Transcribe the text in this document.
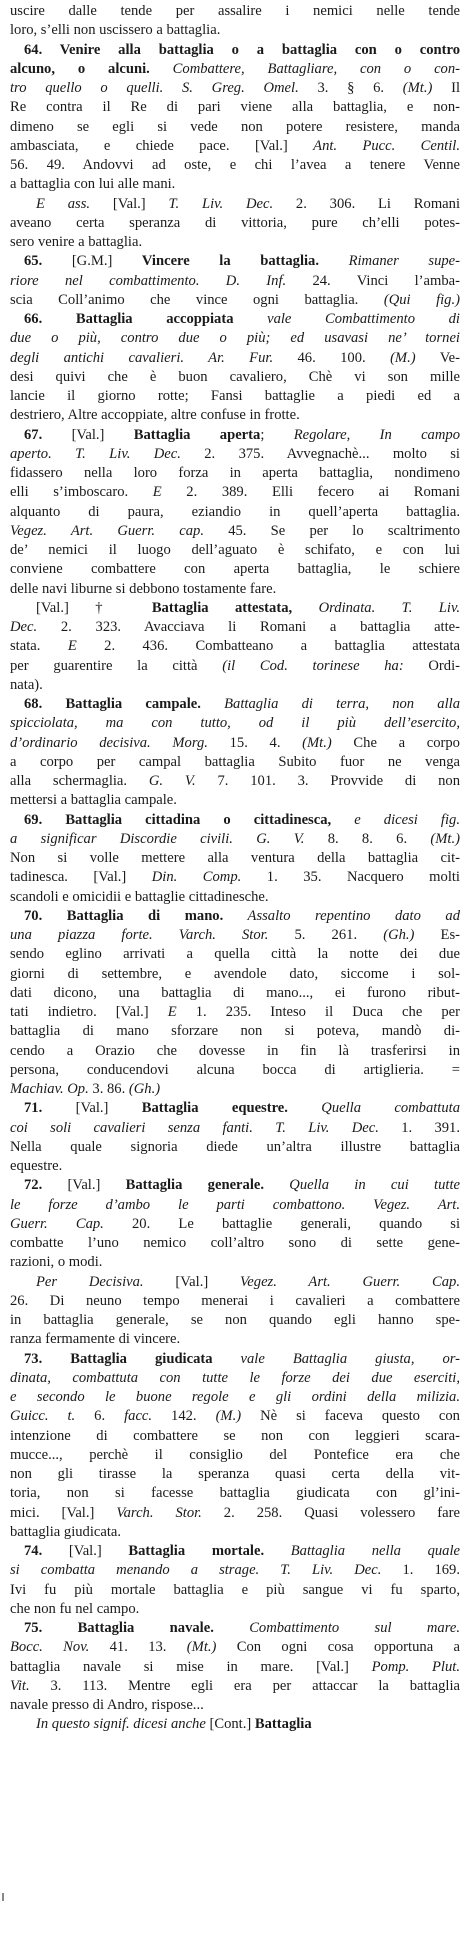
uscire dalle tende per assalire i nemici nelle tende
loro, s’elli non uscissero a battaglia.
64. Venire alla battaglia o a battaglia con o contro
alcuno, o alcuni. Combattere, Battagliare, con o con-
tro quello o quelli. S. Greg. Omel. 3. § 6. (Mt.) Il
Re contra il Re di pari viene alla battaglia, e non-
dimeno se egli si vede non potere resistere, manda
ambasciata, e chiede pace. [Val.] Ant. Pucc. Centil.
56. 49. Andovvi ad oste, e chi l’avea a tenere Venne
a battaglia con lui alle mani.
E ass. [Val.] T. Liv. Dec. 2. 306. Li Romani
aveano certa speranza di vittoria, pure ch’elli potes-
sero venire a battaglia.
65. [G.M.] Vincere la battaglia. Rimaner supe-
riore nel combattimento. D. Inf. 24. Vinci l’amba-
scia Coll’animo che vince ogni battaglia. (Qui fig.)
66. Battaglia accoppiata vale Combattimento di
due o più, contro due o più; ed usavasi ne’ tornei
degli antichi cavalieri. Ar. Fur. 46. 100. (M.) Ve-
desi quivi che è buon cavaliero, Chè vi son mille
lancie il giorno rotte; Fansi battaglie a piedi ed a
destriero, Altre accoppiate, altre confuse in frotte.
67. [Val.] Battaglia aperta; Regolare, In campo
aperto. T. Liv. Dec. 2. 375. Avvegnachè... molto si
fidassero nella loro forza in aperta battaglia, nondimeno
elli s’imboscaro. E 2. 389. Elli fecero ai Romani
alquanto di paura, eziandio in quell’aperta battaglia.
Vegez. Art. Guerr. cap. 45. Se per lo scaltrimento
de’ nemici il luogo dell’aguato è schifato, e con lui
conviene combattere con aperta battaglia, le schiere
delle navi liburne si debbono tostamente fare.
[Val.] † Battaglia attestata, Ordinata. T. Liv.
Dec. 2. 323. Avacciava li Romani a battaglia atte-
stata. E 2. 436. Combatteano a battaglia attestata
per guarentire la città (il Cod. torinese ha: Ordi-
nata).
68. Battaglia campale. Battaglia di terra, non alla
spicciolata, ma con tutto, od il più dell’esercito,
d’ordinario decisiva. Morg. 15. 4. (Mt.) Che a corpo
a corpo per campal battaglia Subito fuor ne venga
alla schermaglia. G. V. 7. 101. 3. Provvide di non
mettersi a battaglia campale.
69. Battaglia cittadina o cittadinesca, e dicesi fig.
a significar Discordie civili. G. V. 8. 8. 6. (Mt.)
Non si volle mettere alla ventura della battaglia cit-
tadinesca. [Val.] Din. Comp. 1. 35. Nacquero molti
scandoli e omicidii e battaglie cittadinesche.
70. Battaglia di mano. Assalto repentino dato ad
una piazza forte. Varch. Stor. 5. 261. (Gh.) Es-
sendo eglino arrivati a quella città la notte dei due
giorni di settembre, e avendole dato, siccome i sol-
dati dicono, una battaglia di mano..., ei furono ribut-
tati indietro. [Val.] E 1. 235. Inteso il Duca che per
battaglia di mano sforzare non si poteva, mandò di-
cendo a Orazio che dovesse in fin là trasferirsi in
persona, conducendovi alcuna bocca di artiglieria. =
Machiav. Op. 3. 86. (Gh.)
71. [Val.] Battaglia equestre. Quella combattuta
coi soli cavalieri senza fanti. T. Liv. Dec. 1. 391.
Nella quale signoria diede un’altra illustre battaglia
equestre.
72. [Val.] Battaglia generale. Quella in cui tutte
le forze d’ambo le parti combattono. Vegez. Art.
Guerr. Cap. 20. Le battaglie generali, quando si
combatte l’uno nemico coll’altro sono di sette gene-
razioni, o modi.
Per Decisiva. [Val.] Vegez. Art. Guerr. Cap.
26. Di neuno tempo menerai i cavalieri a combattere
in battaglia generale, se non quando egli hanno spe-
ranza fermamente di vincere.
73. Battaglia giudicata vale Battaglia giusta, or-
dinata, combattuta con tutte le forze dei due eserciti,
e secondo le buone regole e gli ordini della milizia.
Guicc. t. 6. facc. 142. (M.) Nè si faceva questo con
intenzione di combattere se non con leggieri scara-
mucce..., perchè il consiglio del Pontefice era che
non gli tirasse la speranza quasi certa della vit-
toria, non si facesse battaglia giudicata con gl’ini-
mici. [Val.] Varch. Stor. 2. 258. Quasi volessero fare
battaglia giudicata.
74. [Val.] Battaglia mortale. Battaglia nella quale
si combatta menando a strage. T. Liv. Dec. 1. 169.
Ivi fu più mortale battaglia e più sangue vi fu sparto,
che non fu nel campo.
75. Battaglia navale. Combattimento sul mare.
Bocc. Nov. 41. 13. (Mt.) Con ogni cosa opportuna a
battaglia navale si mise in mare. [Val.] Pomp. Plut.
Vit. 3. 113. Mentre egli era per attaccar la battaglia
navale presso di Andro, rispose...
In questo signif. dicesi anche [Cont.] Battaglia
